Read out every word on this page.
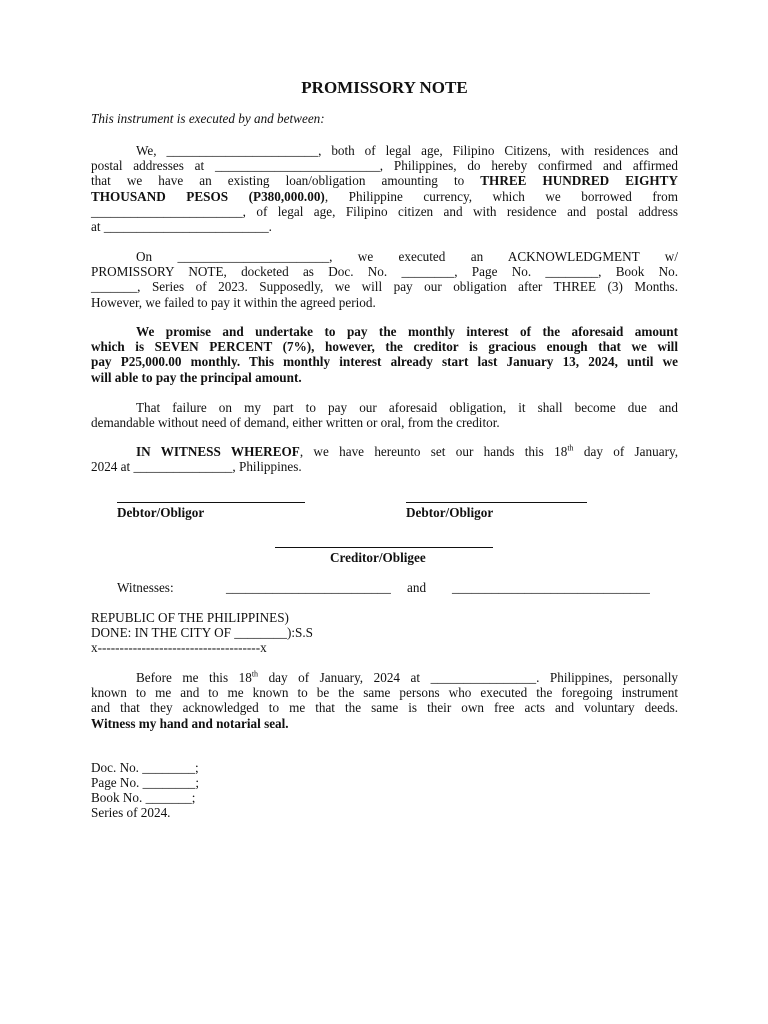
PROMISSORY NOTE
This instrument is executed by and between:
We, _______________________, both of legal age, Filipino Citizens, with residences and
postal addresses at _________________________, Philippines, do hereby confirmed and affirmed
that we have an existing loan/obligation amounting to THREE HUNDRED EIGHTY
THOUSAND PESOS (P380,000.00), Philippine currency, which we borrowed from
_______________________, of legal age, Filipino citizen and with residence and postal address
at _________________________.
On _______________________, we executed an ACKNOWLEDGMENT w/
PROMISSORY NOTE, docketed as Doc. No. ________, Page No. ________, Book No.
_______, Series of 2023. Supposedly, we will pay our obligation after THREE (3) Months.
However, we failed to pay it within the agreed period.
We promise and undertake to pay the monthly interest of the aforesaid amount
which is SEVEN PERCENT (7%), however, the creditor is gracious enough that we will
pay P25,000.00 monthly. This monthly interest already start last January 13, 2024, until we
will able to pay the principal amount.
That failure on my part to pay our aforesaid obligation, it shall become due and
demandable without need of demand, either written or oral, from the creditor.
IN WITNESS WHEREOF, we have hereunto set our hands this 18th day of January,
2024 at _______________, Philippines.
Debtor/Obligor	Debtor/Obligor
Creditor/Obligee
Witnesses:	_________________________ and ______________________________
REPUBLIC OF THE PHILIPPINES)
DONE: IN THE CITY OF ________):S.S
x-------------------------------------x
Before me this 18th day of January, 2024 at ________________. Philippines, personally
known to me and to me known to be the same persons who executed the foregoing instrument
and that they acknowledged to me that the same is their own free acts and voluntary deeds.
Witness my hand and notarial seal.
Doc. No. ________;
Page No. ________;
Book No. _______;
Series of 2024.
